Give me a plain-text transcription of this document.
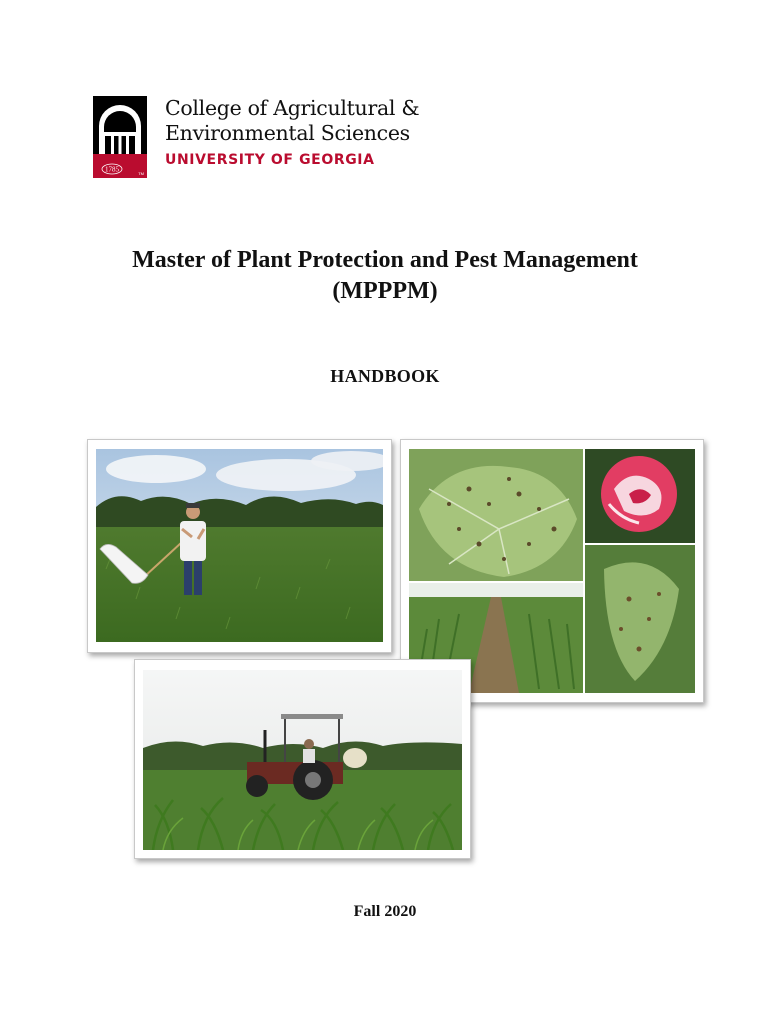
1785	TM
College of Agricultural &
Environmental Sciences
UNIVERSITY OF GEORGIA
Master of Plant Protection and Pest Management
(MPPPM)
HANDBOOK
Fall 2020
